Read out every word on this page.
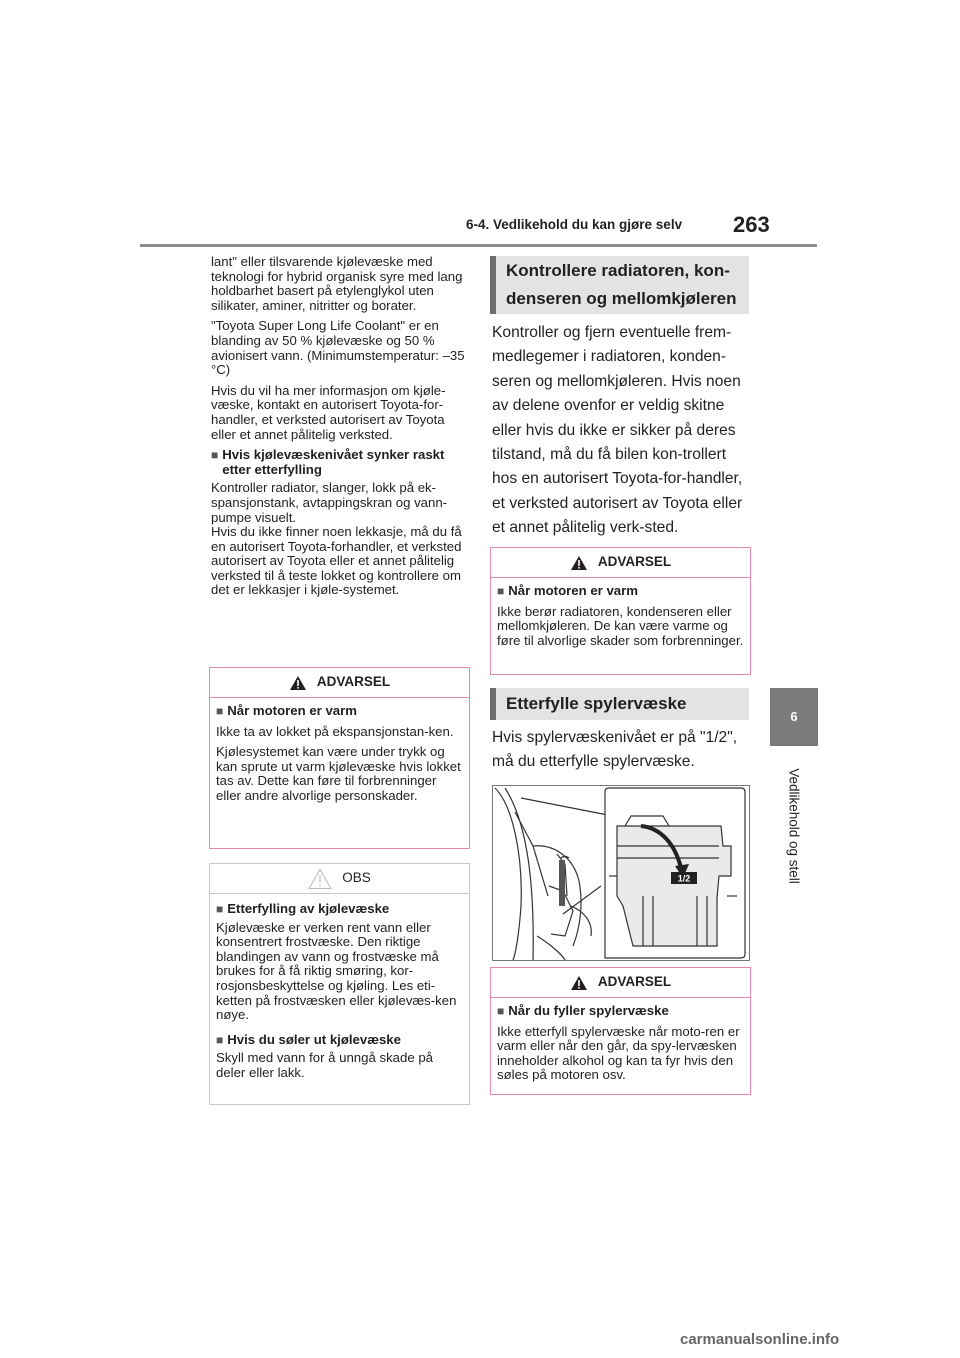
6-4. Vedlikehold du kan gjøre selv 263
6
Vedlikehold og stell

lant" eller tilsvarende kjølevæske med teknologi for hybrid organisk syre med lang holdbarhet basert på etylenglykol uten silikater, aminer, nitritter og borater.

"Toyota Super Long Life Coolant" er en blanding av 50 % kjølevæske og 50 % avionisert vann. (Minimumstemperatur: –35 °C)

Hvis du vil ha mer informasjon om kjøle-væske, kontakt en autorisert Toyota-for-handler, et verksted autorisert av Toyota eller et annet pålitelig verksted.

■ Hvis kjølevæskenivået synker raskt etter etterfylling

Kontroller radiator, slanger, lokk på ek-spansjonstank, avtappingskran og vann-pumpe visuelt.

Hvis du ikke finner noen lekkasje, må du få en autorisert Toyota-forhandler, et verksted autorisert av Toyota eller et annet pålitelig verksted til å teste lokket og kontrollere om det er lekkasjer i kjøle-systemet.

ADVARSEL
■ Når motoren er varm

Ikke ta av lokket på ekspansjonstan-ken.

Kjølesystemet kan være under trykk og kan sprute ut varm kjølevæske hvis lokket tas av. Dette kan føre til forbrenninger eller andre alvorlige personskader.

OBS
■ Etterfylling av kjølevæske

Kjølevæske er verken rent vann eller konsentrert frostvæske. Den riktige blandingen av vann og frostvæske må brukes for å få riktig smøring, kor-rosjonsbeskyttelse og kjøling. Les eti-ketten på frostvæsken eller kjølevæs-ken nøye.

■ Hvis du søler ut kjølevæske

Skyll med vann for å unngå skade på deler eller lakk.

Kontrollere radiatoren, kon-
denseren og mellomkjøleren

Kontroller og fjern eventuelle frem-medlegemer i radiatoren, konden-seren og mellomkjøleren. Hvis noen av delene ovenfor er veldig skitne eller hvis du ikke er sikker på deres tilstand, må du få bilen kon-trollert hos en autorisert Toyota-for-handler, et verksted autorisert av Toyota eller et annet pålitelig verk-sted.

ADVARSEL
■ Når motoren er varm

Ikke berør radiatoren, kondenseren eller mellomkjøleren. De kan være varme og føre til alvorlige skader som forbrenninger.

Etterfylle spylervæske

Hvis spylervæskenivået er på "1/2", må du etterfylle spylervæske.

1/2
ADVARSEL
■ Når du fyller spylervæske

Ikke etterfyll spylervæske når moto-ren er varm eller når den går, da spy-lervæsken inneholder alkohol og kan ta fyr hvis den søles på motoren osv.

carmanualsonline.info
